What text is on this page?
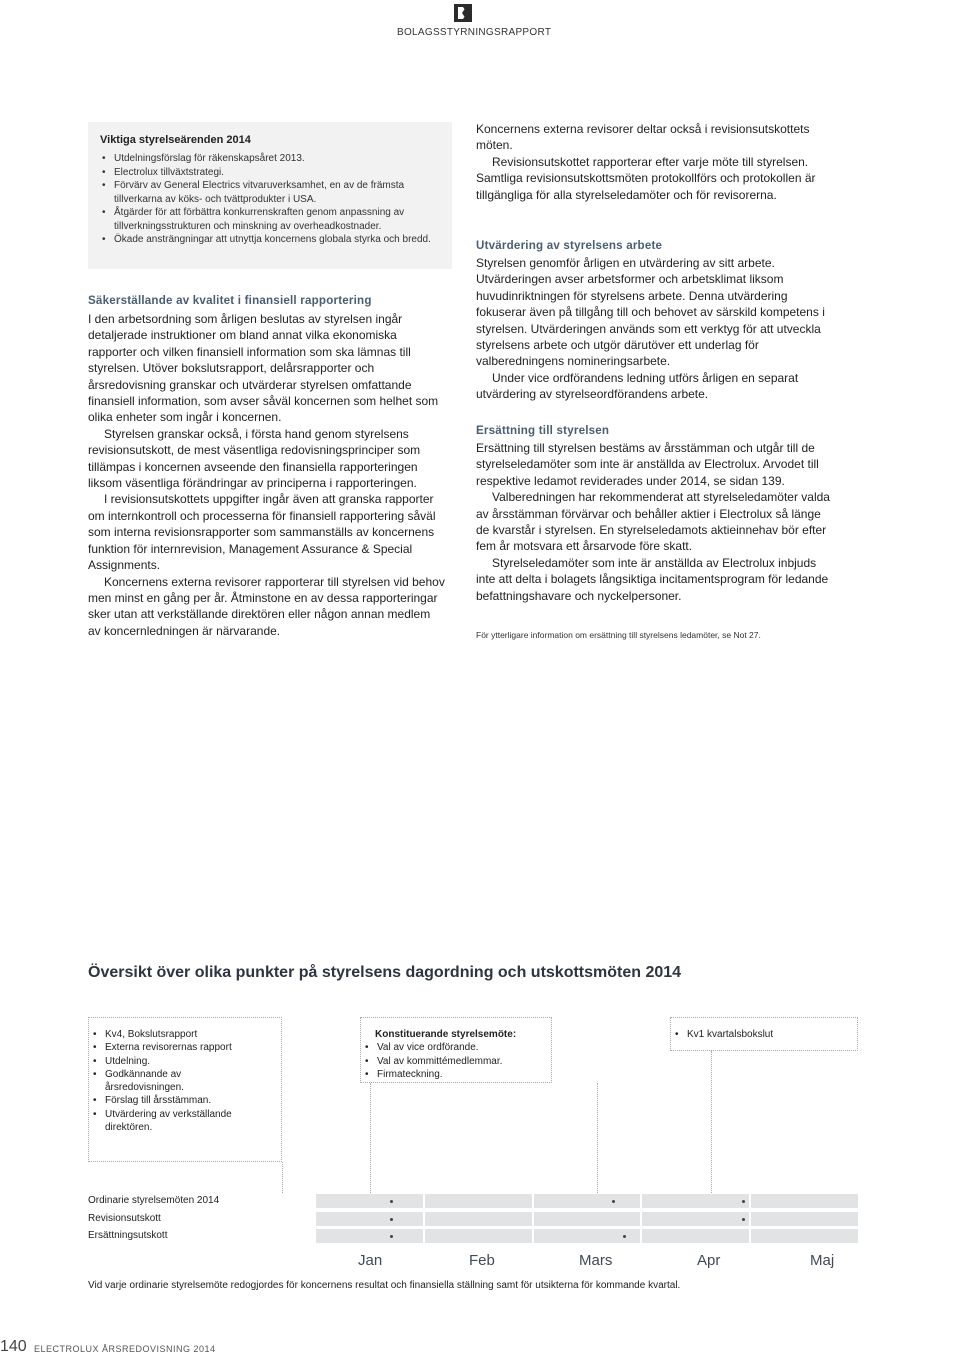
BOLAGSSTYRNINGSRAPPORT
Viktiga styrelseärenden 2014
• Utdelningsförslag för räkenskapsåret 2013.
• Electrolux tillväxtstrategi.
• Förvärv av General Electrics vitvaruverksamhet, en av de främsta tillverkarna av köks- och tvättprodukter i USA.
• Åtgärder för att förbättra konkurrenskraften genom anpassning av tillverkningsstrukturen och minskning av overheadkostnader.
• Ökade ansträngningar att utnyttja koncernens globala styrka och bredd.
Säkerställande av kvalitet i finansiell rapportering

I den arbetsordning som årligen beslutas av styrelsen ingår detaljerade instruktioner om bland annat vilka ekonomiska rapporter och vilken finansiell information som ska lämnas till styrelsen. Utöver bokslutsrapport, delårsrapporter och årsredovisning granskar och utvärderar styrelsen omfattande finansiell information, som avser såväl koncernen som helhet som olika enheter som ingår i koncernen.

Styrelsen granskar också, i första hand genom styrelsens revisionsutskott, de mest väsentliga redovisningsprinciper som tillämpas i koncernen avseende den finansiella rapporteringen liksom väsentliga förändringar av principerna i rapporteringen.

I revisionsutskottets uppgifter ingår även att granska rapporter om internkontroll och processerna för finansiell rapportering såväl som interna revisionsrapporter som sammanställs av koncernens funktion för internrevision, Management Assurance & Special Assignments.

Koncernens externa revisorer rapporterar till styrelsen vid behov men minst en gång per år. Åtminstone en av dessa rapporteringar sker utan att verkställande direktören eller någon annan medlem av koncernledningen är närvarande.

Koncernens externa revisorer deltar också i revisionsutskottets möten.

Revisionsutskottet rapporterar efter varje möte till styrelsen. Samtliga revisionsutskottsmöten protokollförs och protokollen är tillgängliga för alla styrelseledamöter och för revisorerna.

Utvärdering av styrelsens arbete

Styrelsen genomför årligen en utvärdering av sitt arbete. Utvärderingen avser arbetsformer och arbetsklimat liksom huvudinriktningen för styrelsens arbete. Denna utvärdering fokuserar även på tillgång till och behovet av särskild kompetens i styrelsen. Utvärderingen används som ett verktyg för att utveckla styrelsens arbete och utgör därutöver ett underlag för valberedningens nomineringsarbete.

Under vice ordförandens ledning utförs årligen en separat utvärdering av styrelseordförandens arbete.

Ersättning till styrelsen

Ersättning till styrelsen bestäms av årsstämman och utgår till de styrelseledamöter som inte är anställda av Electrolux. Arvodet till respektive ledamot reviderades under 2014, se sidan 139.

Valberedningen har rekommenderat att styrelseledamöter valda av årsstämman förvärvar och behåller aktier i Electrolux så länge de kvarstår i styrelsen. En styrelseledamots aktieinnehav bör efter fem år motsvara ett årsarvode före skatt.

Styrelseledamöter som inte är anställda av Electrolux inbjuds inte att delta i bolagets långsiktiga incitamentsprogram för ledande befattningshavare och nyckelpersoner.

För ytterligare information om ersättning till styrelsens ledamöter, se Not 27.
Översikt över olika punkter på styrelsens dagordning och utskottsmöten 2014
• Kv4, Bokslutsrapport
• Externa revisorernas rapport
• Utdelning.
• Godkännande av årsredovisningen.
• Förslag till årsstämman.
• Utvärdering av verkställande direktören.
Konstituerande styrelsemöte:
• Val av vice ordförande.
• Val av kommittémedlemmar.
• Firmateckning.
• Kv1 kvartalsbokslut
Ordinarie styrelsemöten 2014
Revisionsutskott
Ersättningsutskott
Jan	Feb	Mars	Apr	Maj
Vid varje ordinarie styrelsemöte redogjordes för koncernens resultat och finansiella ställning samt för utsikterna för kommande kvartal.
140 ELECTROLUX ÅRSREDOVISNING 2014
